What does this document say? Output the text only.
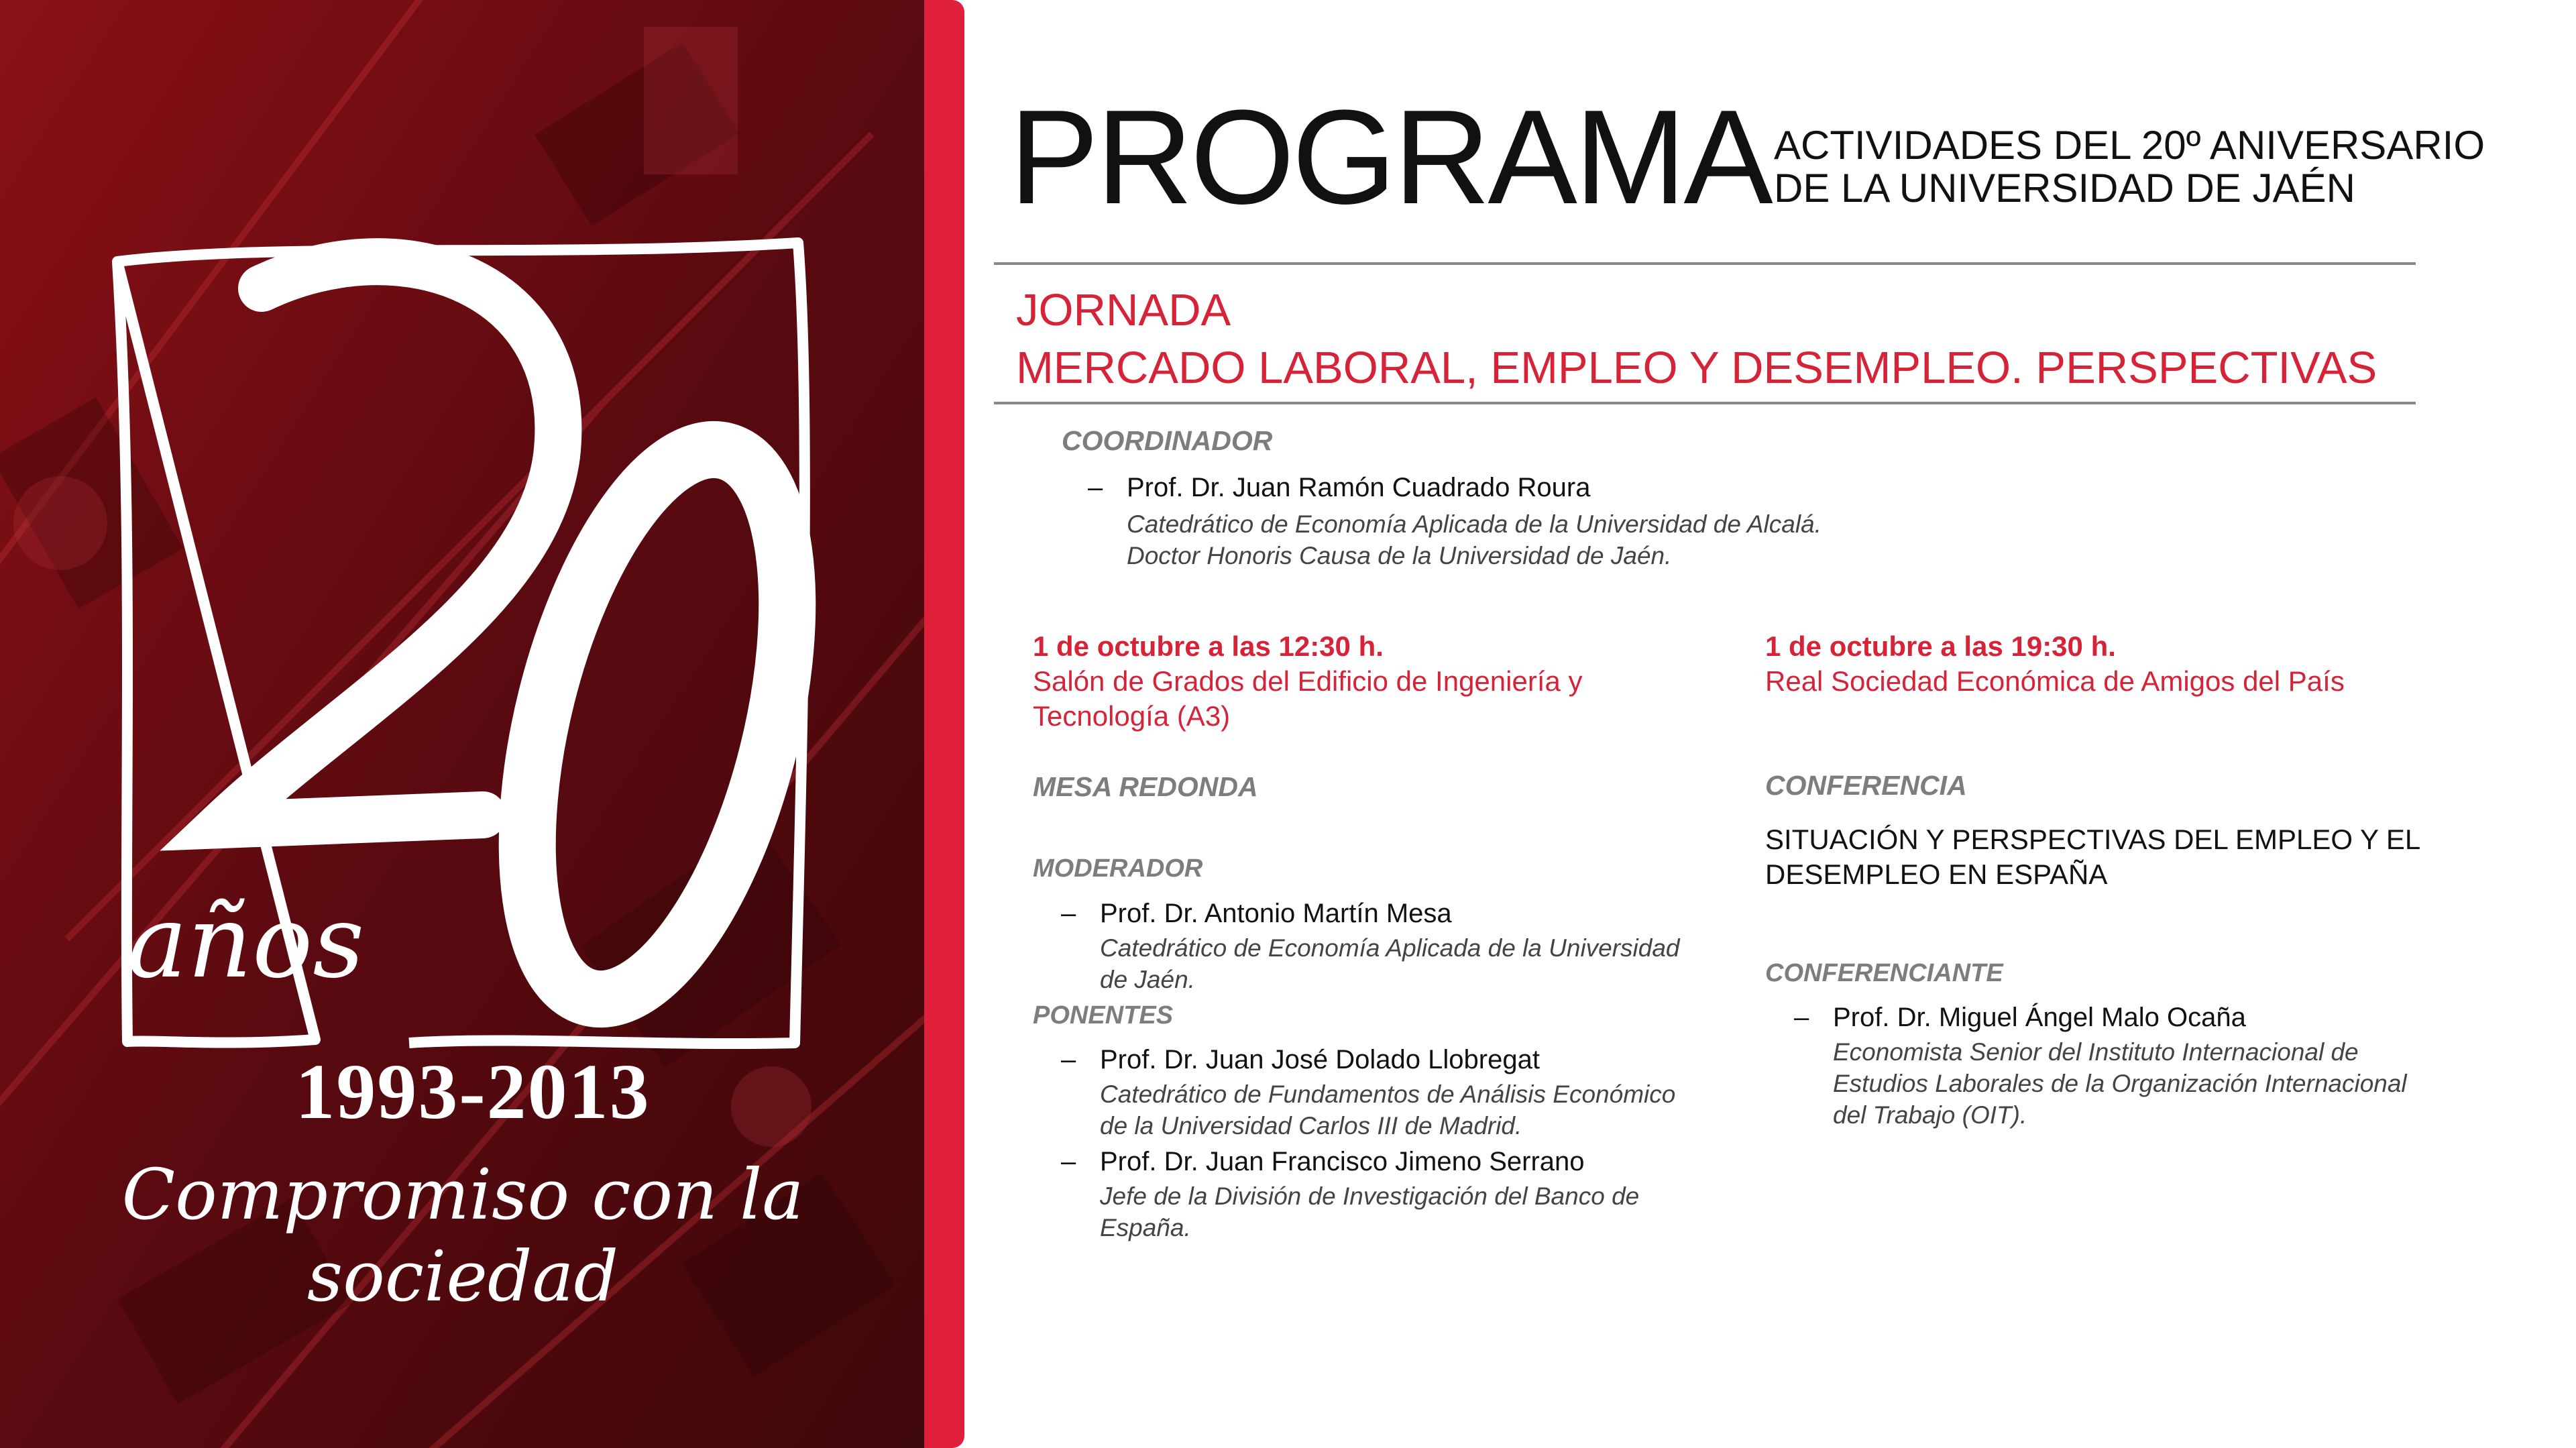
años
1993-2013
Compromiso con la sociedad
PROGRAMA ACTIVIDADES DEL 20º ANIVERSARIO
DE LA UNIVERSIDAD DE JAÉN
JORNADA
MERCADO LABORAL, EMPLEO Y DESEMPLEO. PERSPECTIVAS
COORDINADOR
– Prof. Dr. Juan Ramón Cuadrado Roura
Catedrático de Economía Aplicada de la Universidad de Alcalá.
Doctor Honoris Causa de la Universidad de Jaén.
1 de octubre a las 12:30 h.
Salón de Grados del Edificio de Ingeniería y
Tecnología (A3)
MESA REDONDA
MODERADOR
– Prof. Dr. Antonio Martín Mesa
Catedrático de Economía Aplicada de la Universidad
de Jaén.
PONENTES
– Prof. Dr. Juan José Dolado Llobregat
Catedrático de Fundamentos de Análisis Económico
de la Universidad Carlos III de Madrid.
– Prof. Dr. Juan Francisco Jimeno Serrano
Jefe de la División de Investigación del Banco de
España.
1 de octubre a las 19:30 h.
Real Sociedad Económica de Amigos del País
CONFERENCIA
SITUACIÓN Y PERSPECTIVAS DEL EMPLEO Y EL
DESEMPLEO EN ESPAÑA
CONFERENCIANTE
– Prof. Dr. Miguel Ángel Malo Ocaña
Economista Senior del Instituto Internacional de
Estudios Laborales de la Organización Internacional
del Trabajo (OIT).
